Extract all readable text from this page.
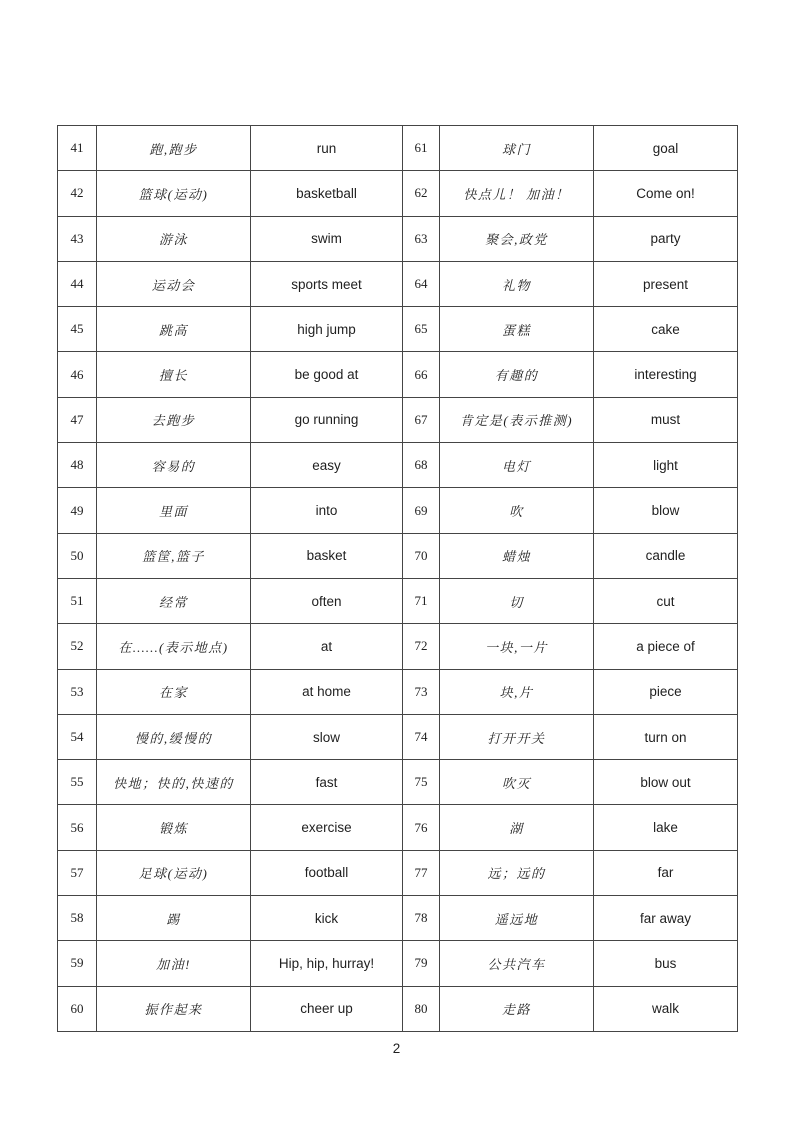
41	跑,跑步	run	61	球门	goal
42	篮球(运动)	basketball	62	快点儿！ 加油！	Come on!
43	游泳	swim	63	聚会,政党	party
44	运动会	sports meet	64	礼物	present
45	跳高	high jump	65	蛋糕	cake
46	擅长	be good at	66	有趣的	interesting
47	去跑步	go running	67	肯定是(表示推测)	must
48	容易的	easy	68	电灯	light
49	里面	into	69	吹	blow
50	篮筐,篮子	basket	70	蜡烛	candle
51	经常	often	71	切	cut
52	在……(表示地点)	at	72	一块,一片	a piece of
53	在家	at home	73	块,片	piece
54	慢的,缓慢的	slow	74	打开开关	turn on
55	快地；快的,快速的	fast	75	吹灭	blow out
56	锻炼	exercise	76	湖	lake
57	足球(运动)	football	77	远；远的	far
58	踢	kick	78	遥远地	far away
59	加油!	Hip, hip, hurray!	79	公共汽车	bus
60	振作起来	cheer up	80	走路	walk
2
